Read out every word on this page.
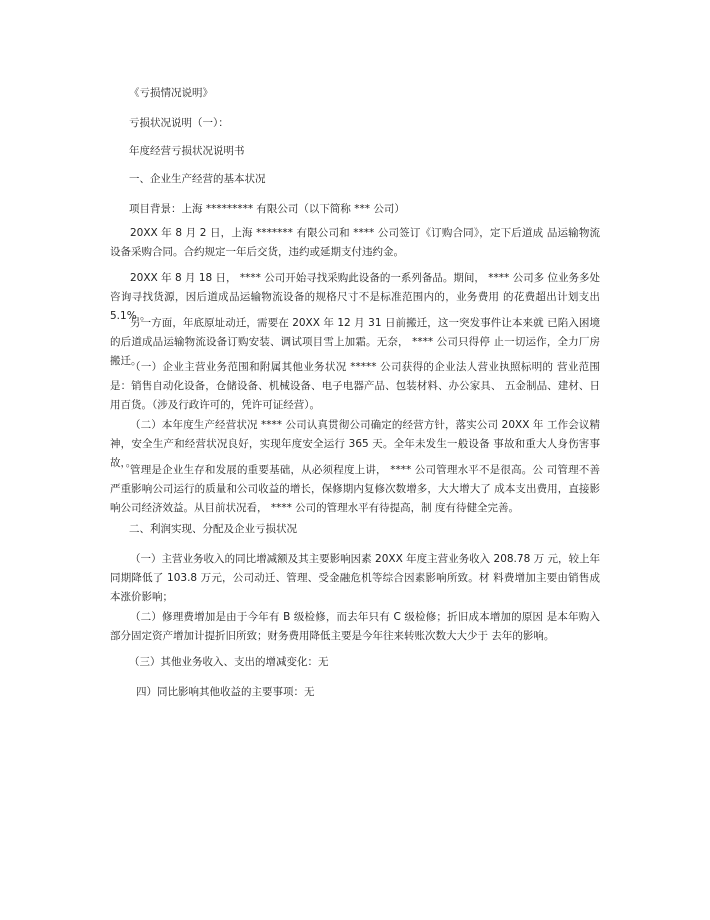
《亏损情况说明》
亏损状况说明（一）：
年度经营亏损状况说明书
一、企业生产经营的基本状况
项目背景：上海 ********* 有限公司（以下简称 *** 公司）
20XX 年 8 月 2 日，上海 ******* 有限公司和 **** 公司签订《订购合同》，定下后道成 品运输物流设备采购合同。合约规定一年后交货，违约或延期支付违约金。
20XX 年 8 月 18 日， **** 公司开始寻找采购此设备的一系列备品。期间， **** 公司多 位业务多处咨询寻找货源，因后道成品运输物流设备的规格尺寸不是标准范围内的，业务费用 的花费超出计划支出 5.1% 。
另一方面，年底原址动迁，需要在 20XX 年 12 月 31 日前搬迁，这一突发事件让本来就 已陷入困境的后道成品运输物流设备订购安装、调试项目雪上加霜。无奈， **** 公司只得停 止一切运作，全力厂房搬迁。
（一）企业主营业务范围和附属其他业务状况 ***** 公司获得的企业法人营业执照标明的 营业范围是：销售自动化设备，仓储设备、机械设备、电子电器产品、包装材料、办公家具、 五金制品、建材、日用百货。（涉及行政许可的，凭许可证经营）。
（二）本年度生产经营状况 **** 公司认真贯彻公司确定的经营方针，落实公司 20XX 年 工作会议精神，安全生产和经营状况良好，实现年度安全运行 365 天。全年未发生一般设备 事故和重大人身伤害事故，。
管理是企业生存和发展的重要基础，从必须程度上讲， **** 公司管理水平不是很高。公 司管理不善严重影响公司运行的质量和公司收益的增长，保修期内复修次数增多，大大增大了 成本支出费用，直接影响公司经济效益。从目前状况看， **** 公司的管理水平有待提高，制 度有待健全完善。
二、利润实现、分配及企业亏损状况
（一）主营业务收入的同比增减额及其主要影响因素 20XX 年度主营业务收入 208.78 万 元，较上年同期降低了 103.8 万元，公司动迁、管理、受金融危机等综合因素影响所致。材 料费增加主要由销售成本涨价影响；
（二）修理费增加是由于今年有 B 级检修，而去年只有 C 级检修；折旧成本增加的原因 是本年购入部分固定资产增加计提折旧所致；财务费用降低主要是今年往来转账次数大大少于 去年的影响。
（三）其他业务收入、支出的增减变化：无
四）同比影响其他收益的主要事项：无
